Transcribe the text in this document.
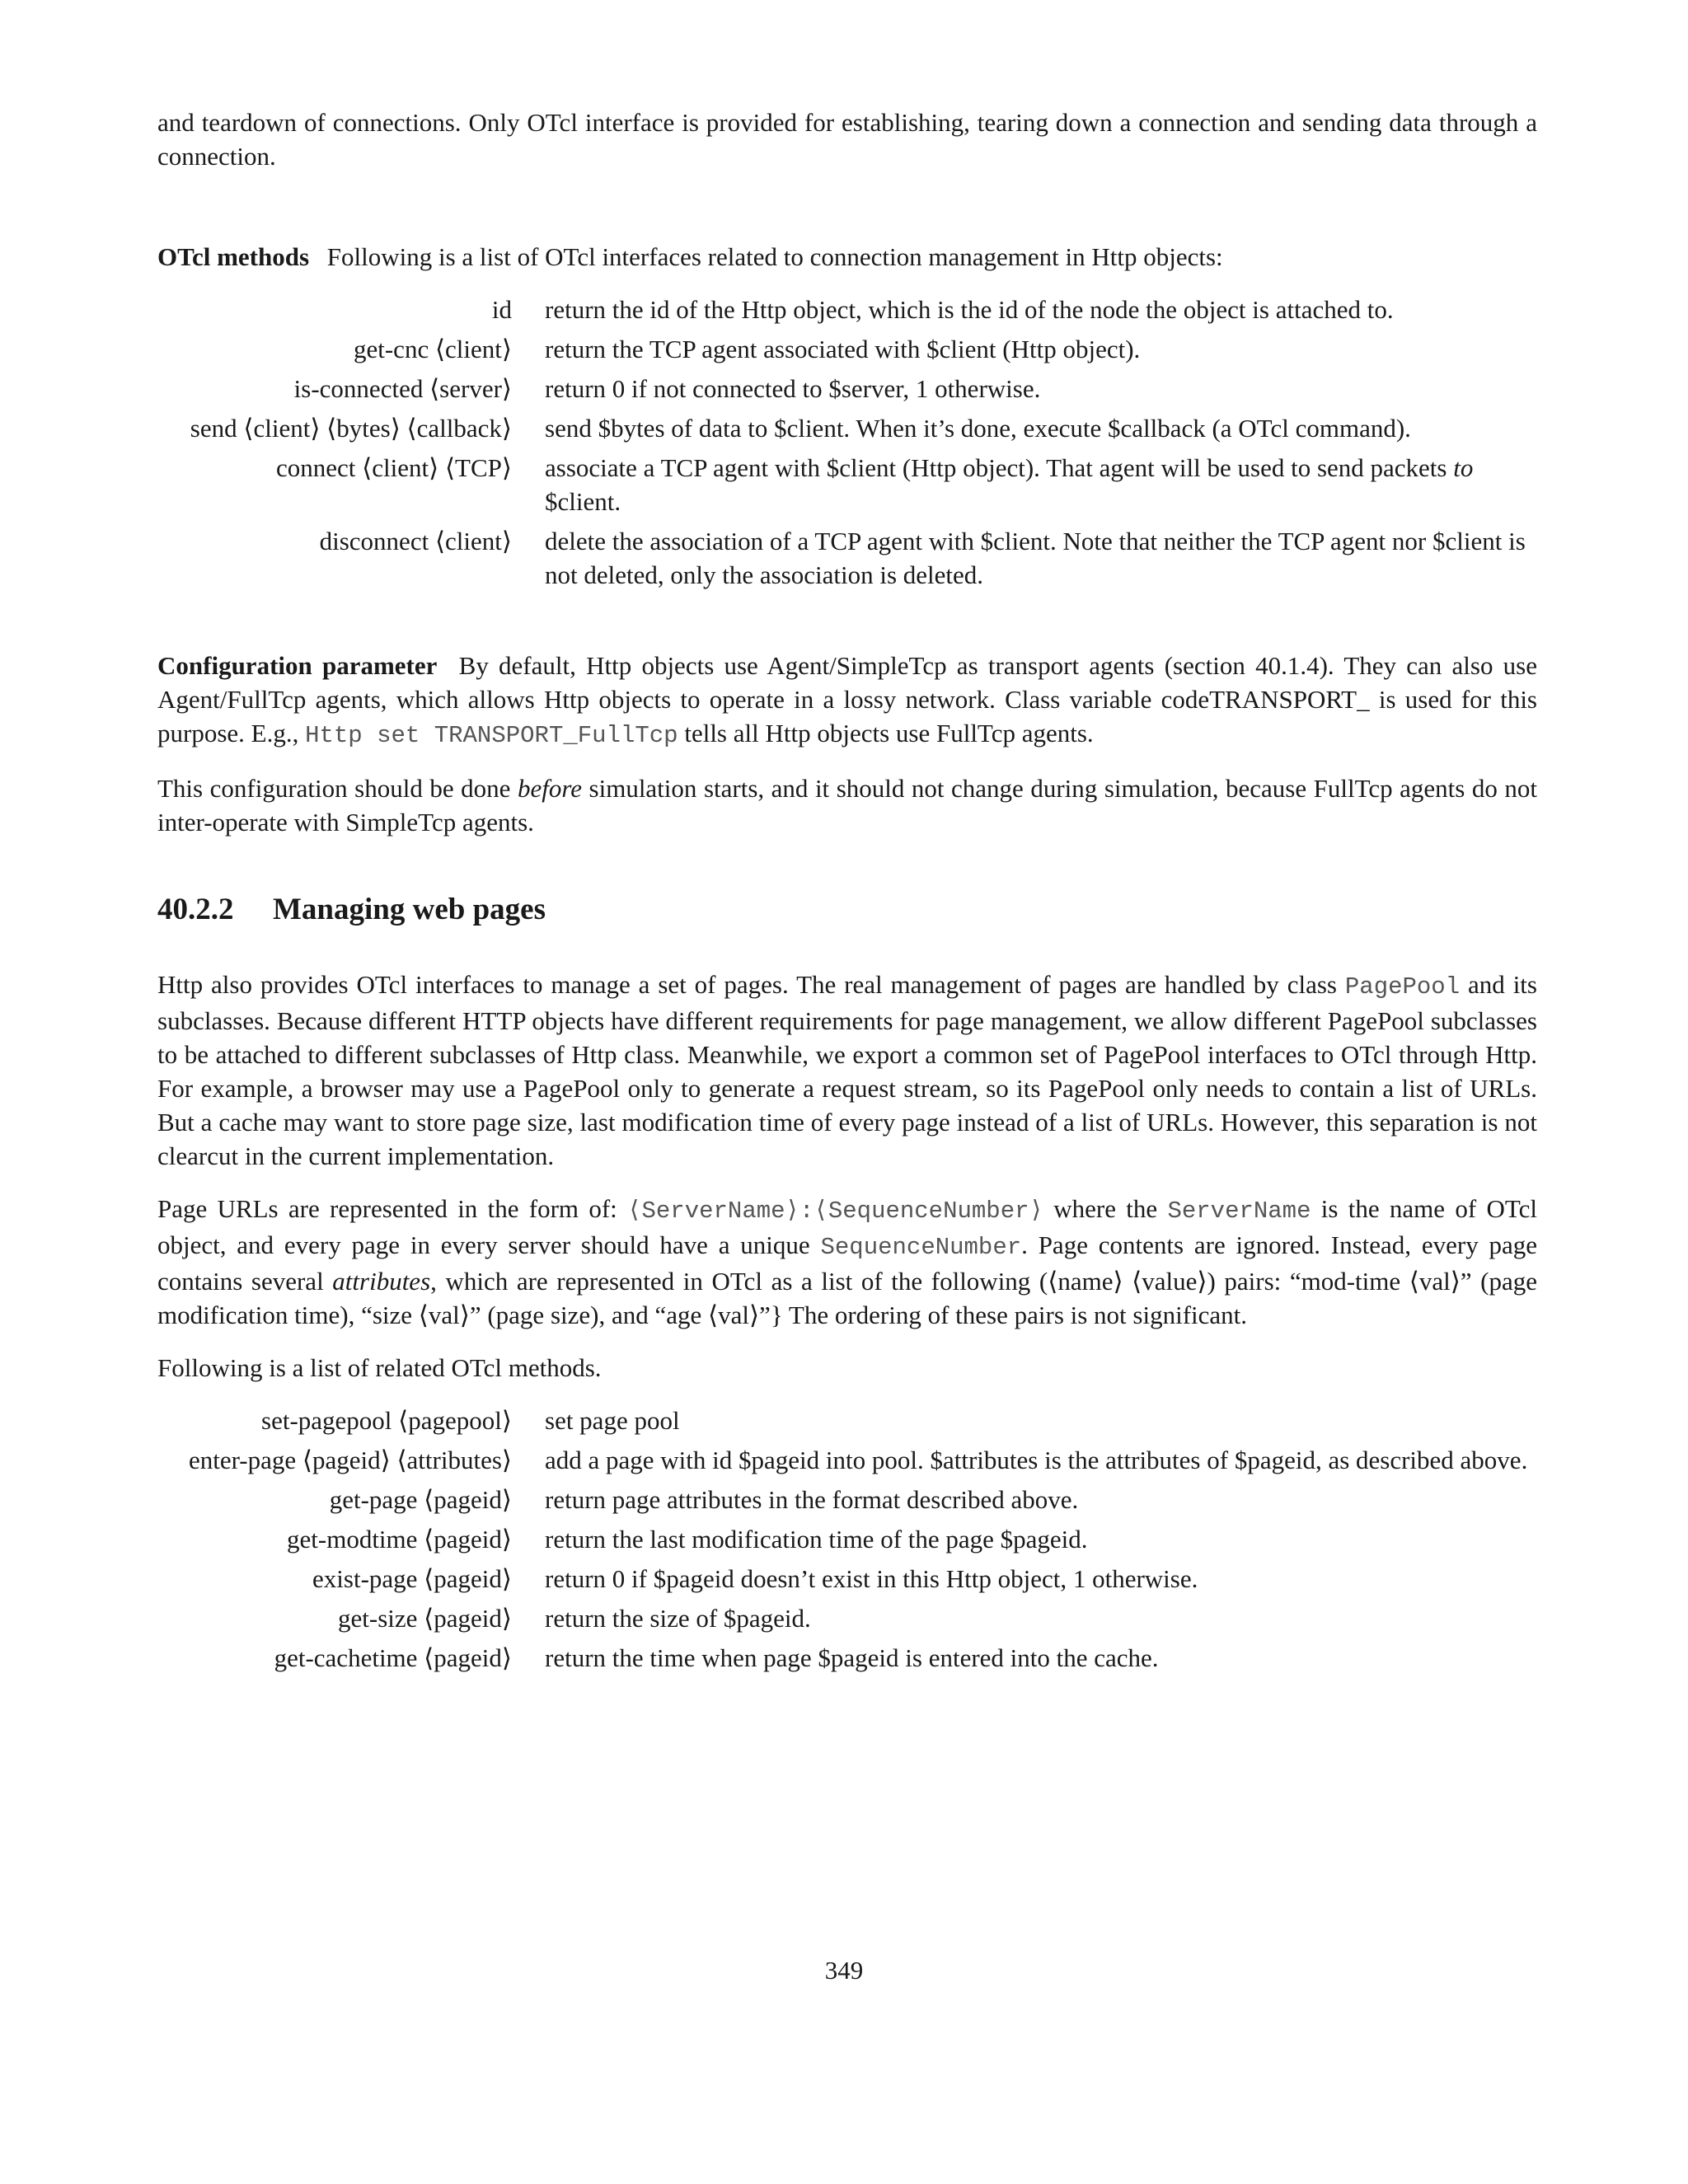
and teardown of connections. Only OTcl interface is provided for establishing, tearing down a connection and sending data through a connection.

OTcl methods Following is a list of OTcl interfaces related to connection management in Http objects:

id return the id of the Http object, which is the id of the node the object is attached to.
get-cnc ⟨client⟩ return the TCP agent associated with $client (Http object).
is-connected ⟨server⟩ return 0 if not connected to $server, 1 otherwise.
send ⟨client⟩ ⟨bytes⟩ ⟨callback⟩ send $bytes of data to $client. When it’s done, execute $callback (a OTcl command).
connect ⟨client⟩ ⟨TCP⟩ associate a TCP agent with $client (Http object). That agent will be used to send packets to $client.
disconnect ⟨client⟩ delete the association of a TCP agent with $client. Note that neither the TCP agent nor $client is not deleted, only the association is deleted.

Configuration parameter By default, Http objects use Agent/SimpleTcp as transport agents (section 40.1.4). They can also use Agent/FullTcp agents, which allows Http objects to operate in a lossy network. Class variable codeTRANSPORT_ is used for this purpose. E.g., Http set TRANSPORT_FullTcp tells all Http objects use FullTcp agents.

This configuration should be done before simulation starts, and it should not change during simulation, because FullTcp agents do not inter-operate with SimpleTcp agents.

40.2.2 Managing web pages

Http also provides OTcl interfaces to manage a set of pages. The real management of pages are handled by class PagePool and its subclasses. Because different HTTP objects have different requirements for page management, we allow different PagePool subclasses to be attached to different subclasses of Http class. Meanwhile, we export a common set of PagePool interfaces to OTcl through Http. For example, a browser may use a PagePool only to generate a request stream, so its PagePool only needs to contain a list of URLs. But a cache may want to store page size, last modification time of every page instead of a list of URLs. However, this separation is not clearcut in the current implementation.

Page URLs are represented in the form of: ⟨ServerName⟩:⟨SequenceNumber⟩ where the ServerName is the name of OTcl object, and every page in every server should have a unique SequenceNumber. Page contents are ignored. Instead, every page contains several attributes, which are represented in OTcl as a list of the following (⟨name⟩ ⟨value⟩) pairs: “mod-time ⟨val⟩” (page modification time), “size ⟨val⟩” (page size), and “age ⟨val⟩”} The ordering of these pairs is not significant.

Following is a list of related OTcl methods.

set-pagepool ⟨pagepool⟩ set page pool
enter-page ⟨pageid⟩ ⟨attributes⟩ add a page with id $pageid into pool. $attributes is the attributes of $pageid, as described above.
get-page ⟨pageid⟩ return page attributes in the format described above.
get-modtime ⟨pageid⟩ return the last modification time of the page $pageid.
exist-page ⟨pageid⟩ return 0 if $pageid doesn’t exist in this Http object, 1 otherwise.
get-size ⟨pageid⟩ return the size of $pageid.
get-cachetime ⟨pageid⟩ return the time when page $pageid is entered into the cache.
349
